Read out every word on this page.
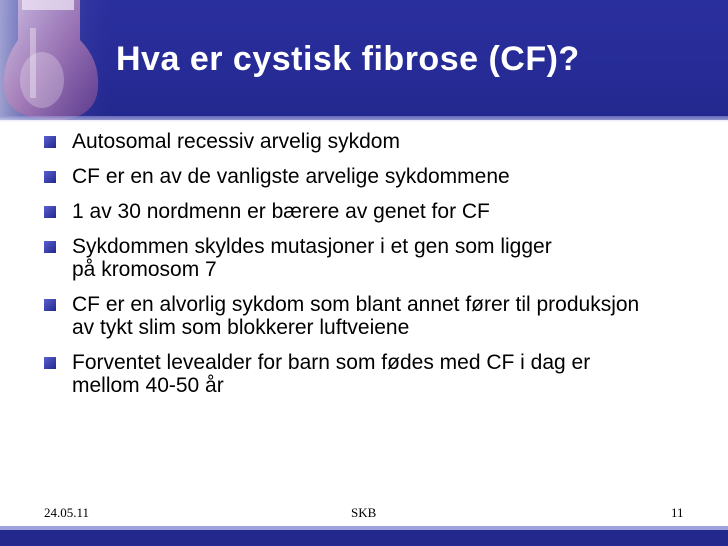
Hva er cystisk fibrose (CF)?
Autosomal recessiv arvelig sykdom
CF er en av de vanligste arvelige sykdommene
1 av 30 nordmenn er bærere av genet for CF
Sykdommen skyldes mutasjoner i et gen som ligger på kromosom 7
CF er en alvorlig sykdom som blant annet fører til produksjon av tykt slim som blokkerer luftveiene
Forventet levealder for barn som fødes med CF i dag er mellom 40-50 år
24.05.11	SKB	11
